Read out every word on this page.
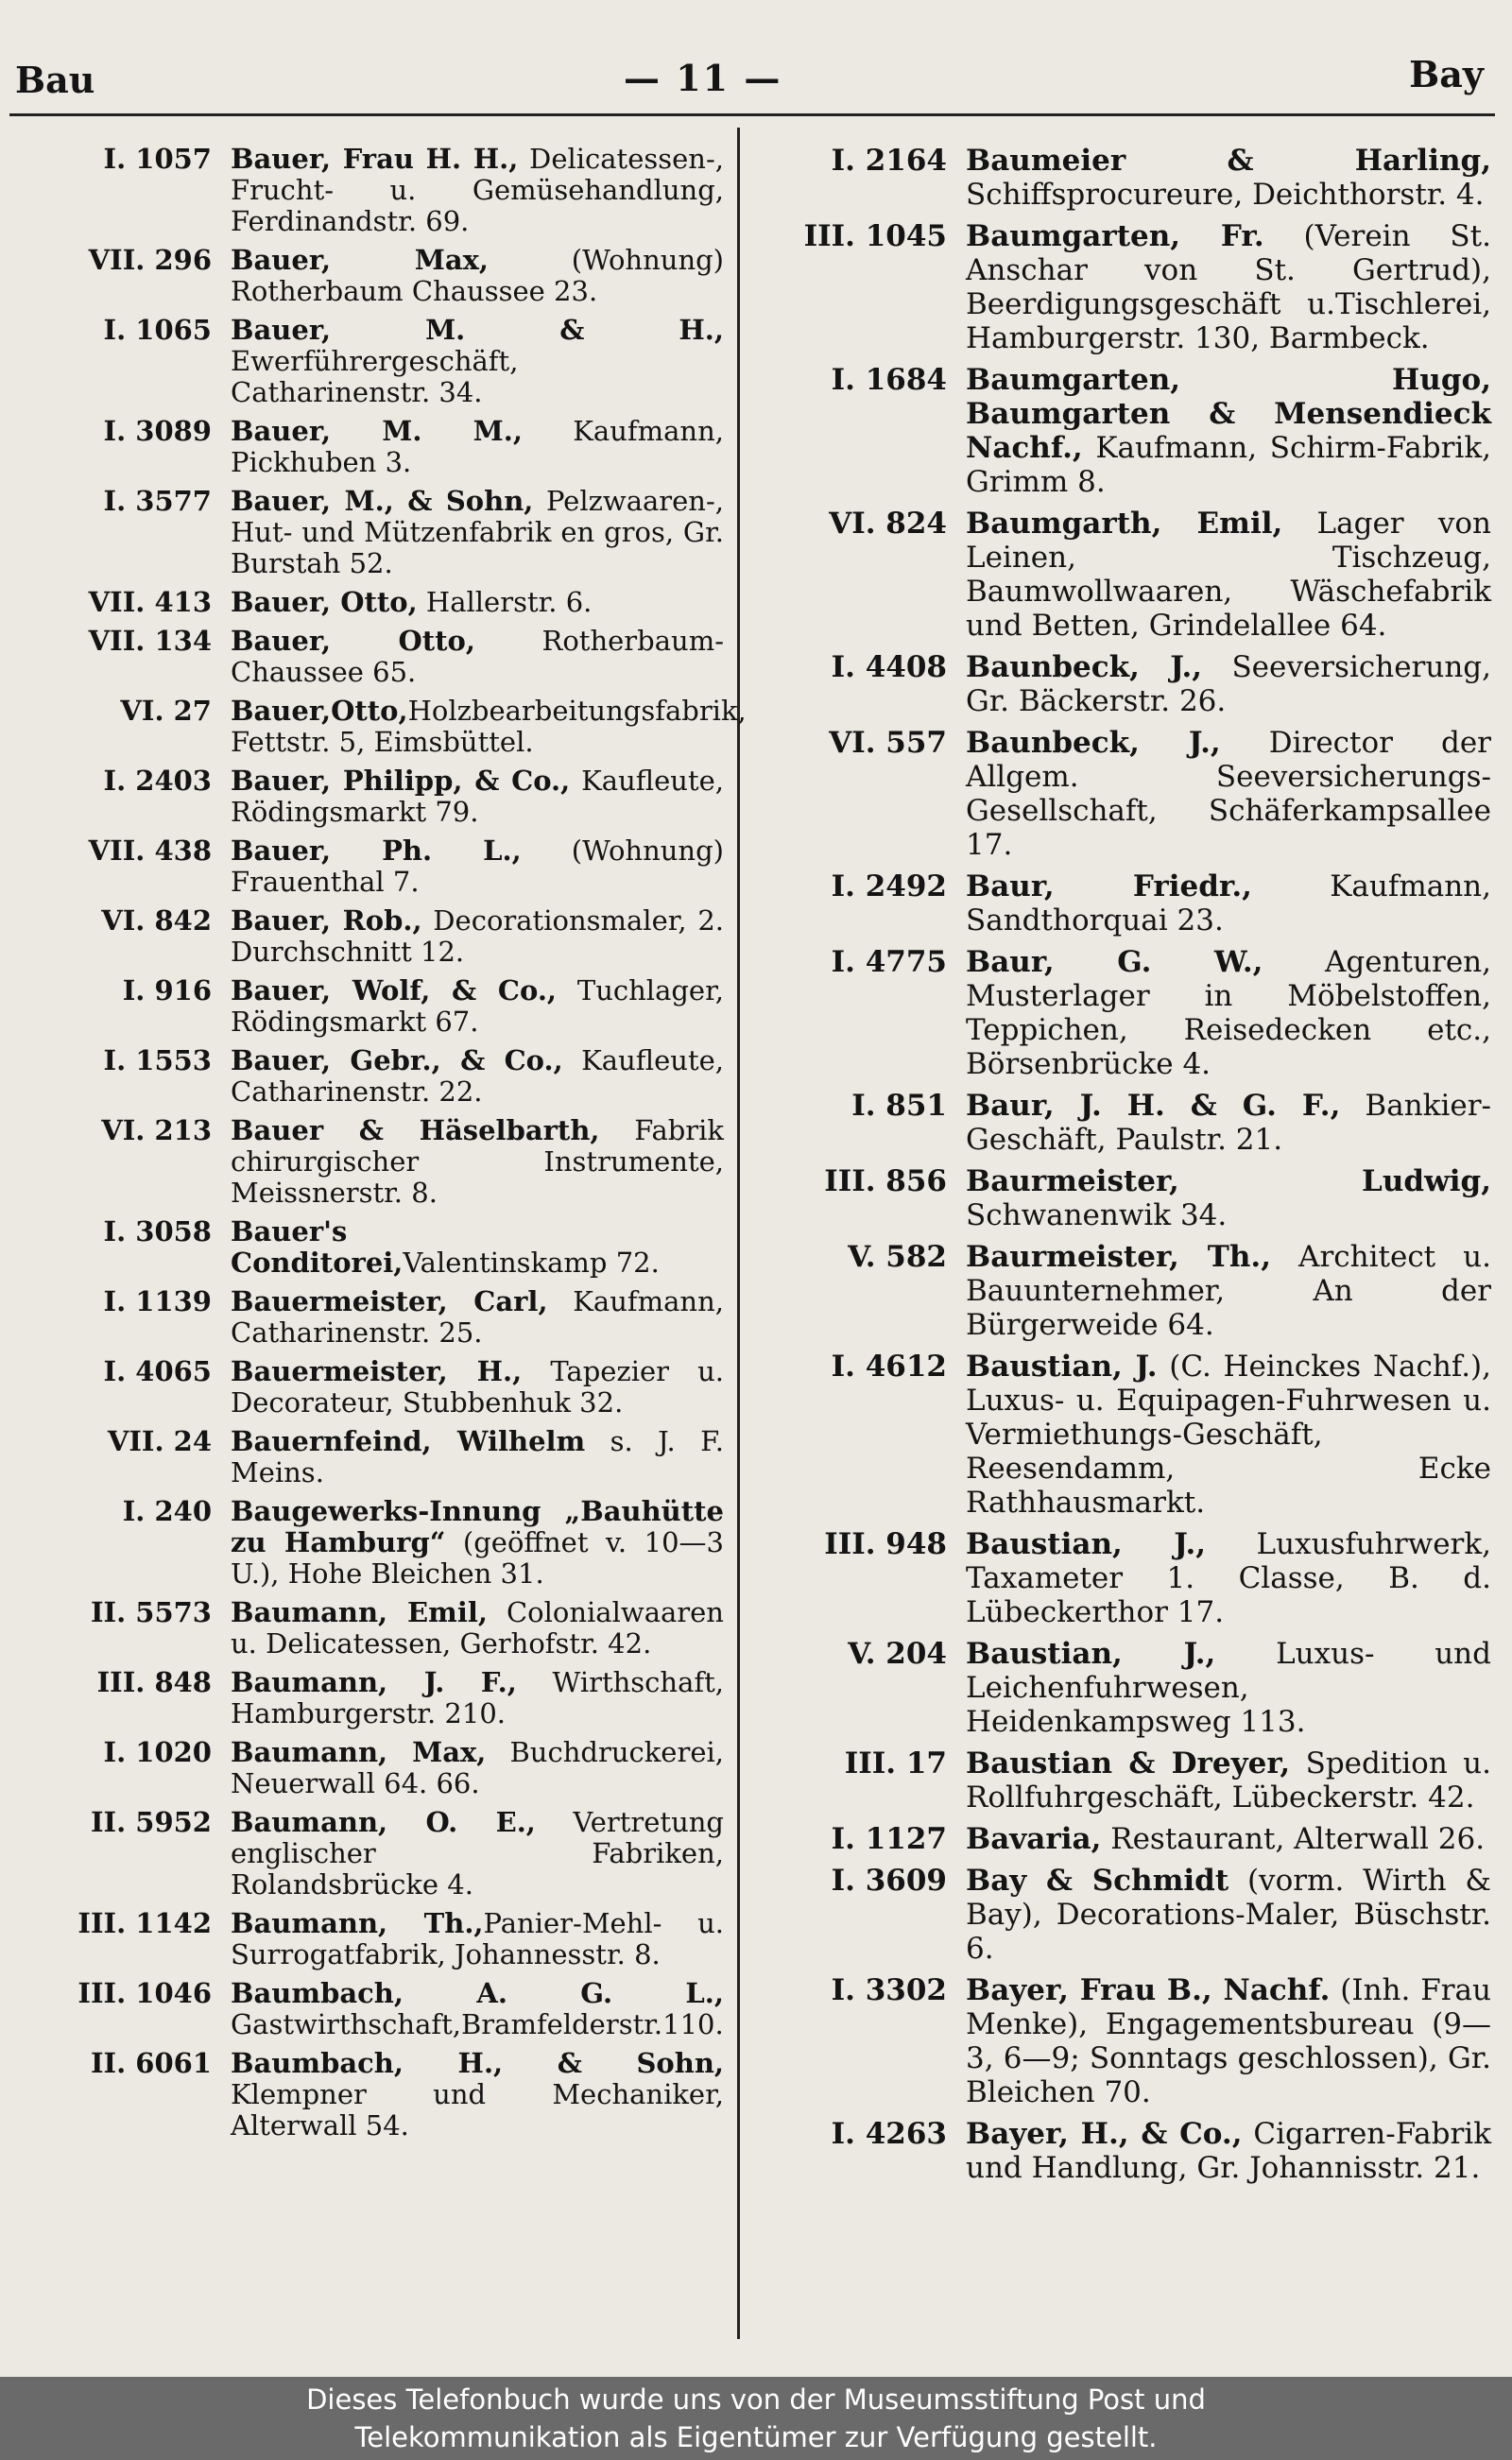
Bau	— 11 —	Bay
I. 1057 Bauer, Frau H. H., Delicatessen-, Frucht- u. Gemüsehandlung, Ferdinandstr. 69.
VII. 296 Bauer, Max, (Wohnung) Rotherbaum Chaussee 23.
I. 1065 Bauer, M. & H., Ewerführergeschäft, Catharinenstr. 34.
I. 3089 Bauer, M. M., Kaufmann, Pickhuben 3.
I. 3577 Bauer, M., & Sohn, Pelzwaaren-, Hut- und Mützenfabrik en gros, Gr. Burstah 52.
VII. 413 Bauer, Otto, Hallerstr. 6.
VII. 134 Bauer, Otto, Rotherbaum-Chaussee 65.
VI. 27 Bauer,Otto,Holzbearbeitungsfabrik, Fettstr. 5, Eimsbüttel.
I. 2403 Bauer, Philipp, & Co., Kaufleute, Rödingsmarkt 79.
VII. 438 Bauer, Ph. L., (Wohnung) Frauenthal 7.
VI. 842 Bauer, Rob., Decorationsmaler, 2. Durchschnitt 12.
I. 916 Bauer, Wolf, & Co., Tuchlager, Rödingsmarkt 67.
I. 1553 Bauer, Gebr., & Co., Kaufleute, Catharinenstr. 22.
VI. 213 Bauer & Häselbarth, Fabrik chirurgischer Instrumente, Meissnerstr. 8.
I. 3058 Bauer's Conditorei,Valentinskamp 72.
I. 1139 Bauermeister, Carl, Kaufmann, Catharinenstr. 25.
I. 4065 Bauermeister, H., Tapezier u. Decorateur, Stubbenhuk 32.
VII. 24 Bauernfeind, Wilhelm s. J. F. Meins.
I. 240 Baugewerks-Innung „Bauhütte zu Hamburg“ (geöffnet v. 10—3 U.), Hohe Bleichen 31.
II. 5573 Baumann, Emil, Colonialwaaren u. Delicatessen, Gerhofstr. 42.
III. 848 Baumann, J. F., Wirthschaft, Hamburgerstr. 210.
I. 1020 Baumann, Max, Buchdruckerei, Neuerwall 64. 66.
II. 5952 Baumann, O. E., Vertretung englischer Fabriken, Rolandsbrücke 4.
III. 1142 Baumann, Th.,Panier-Mehl- u. Surrogatfabrik, Johannesstr. 8.
III. 1046 Baumbach, A. G. L., Gastwirthschaft,Bramfelderstr.110.
II. 6061 Baumbach, H., & Sohn, Klempner und Mechaniker, Alterwall 54.
I. 2164 Baumeier & Harling, Schiffsprocureure, Deichthorstr. 4.
III. 1045 Baumgarten, Fr. (Verein St. Anschar von St. Gertrud), Beerdigungsgeschäft u.Tischlerei, Hamburgerstr. 130, Barmbeck.
I. 1684 Baumgarten, Hugo, Baumgarten & Mensendieck Nachf., Kaufmann, Schirm-Fabrik, Grimm 8.
VI. 824 Baumgarth, Emil, Lager von Leinen, Tischzeug, Baumwollwaaren, Wäschefabrik und Betten, Grindelallee 64.
I. 4408 Baunbeck, J., Seeversicherung, Gr. Bäckerstr. 26.
VI. 557 Baunbeck, J., Director der Allgem. Seeversicherungs-Gesellschaft, Schäferkampsallee 17.
I. 2492 Baur, Friedr., Kaufmann, Sandthorquai 23.
I. 4775 Baur, G. W., Agenturen, Musterlager in Möbelstoffen, Teppichen, Reisedecken etc., Börsenbrücke 4.
I. 851 Baur, J. H. & G. F., Bankier-Geschäft, Paulstr. 21.
III. 856 Baurmeister, Ludwig, Schwanenwik 34.
V. 582 Baurmeister, Th., Architect u. Bauunternehmer, An der Bürgerweide 64.
I. 4612 Baustian, J. (C. Heinckes Nachf.), Luxus- u. Equipagen-Fuhrwesen u. Vermiethungs-Geschäft, Reesendamm, Ecke Rathhausmarkt.
III. 948 Baustian, J., Luxusfuhrwerk, Taxameter 1. Classe, B. d. Lübeckerthor 17.
V. 204 Baustian, J., Luxus- und Leichenfuhrwesen, Heidenkampsweg 113.
III. 17 Baustian & Dreyer, Spedition u. Rollfuhrgeschäft, Lübeckerstr. 42.
I. 1127 Bavaria, Restaurant, Alterwall 26.
I. 3609 Bay & Schmidt (vorm. Wirth & Bay), Decorations-Maler, Büschstr. 6.
I. 3302 Bayer, Frau B., Nachf. (Inh. Frau Menke), Engagementsbureau (9—3, 6—9; Sonntags geschlossen), Gr. Bleichen 70.
I. 4263 Bayer, H., & Co., Cigarren-Fabrik und Handlung, Gr. Johannisstr. 21.
Dieses Telefonbuch wurde uns von der Museumsstiftung Post und
Telekommunikation als Eigentümer zur Verfügung gestellt.
